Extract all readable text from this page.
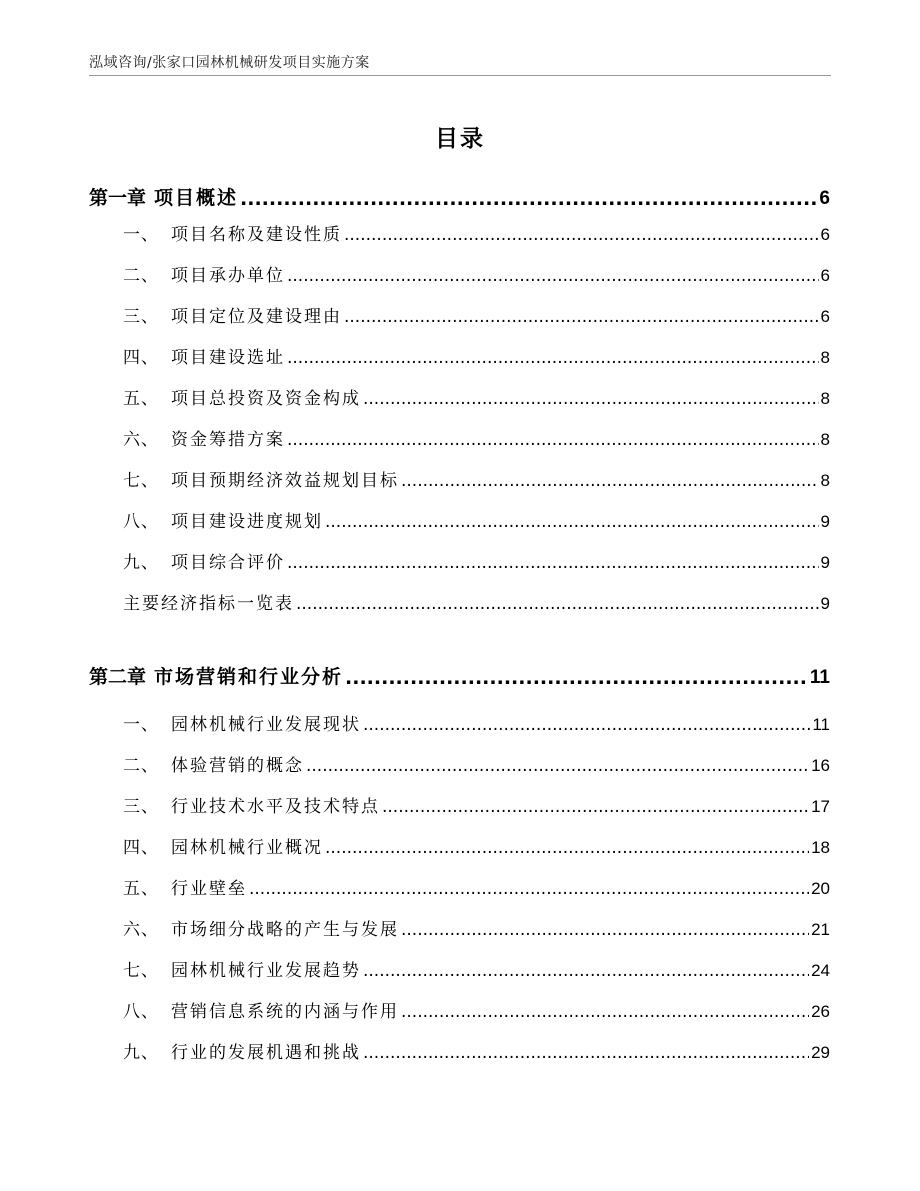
泓域咨询/张家口园林机械研发项目实施方案
目录
第一章 项目概述 .....	6
一、 项目名称及建设性质 .....	6
二、 项目承办单位 .....	6
三、 项目定位及建设理由 .....	6
四、 项目建设选址 .....	8
五、 项目总投资及资金构成 .....	8
六、 资金筹措方案 .....	8
七、 项目预期经济效益规划目标 .....	8
八、 项目建设进度规划 .....	9
九、 项目综合评价 .....	9
主要经济指标一览表 .....	9
第二章 市场营销和行业分析 .....	11
一、 园林机械行业发展现状 .....	11
二、 体验营销的概念 .....	16
三、 行业技术水平及技术特点 .....	17
四、 园林机械行业概况 .....	18
五、 行业壁垒 .....	20
六、 市场细分战略的产生与发展 .....	21
七、 园林机械行业发展趋势 .....	24
八、 营销信息系统的内涵与作用 .....	26
九、 行业的发展机遇和挑战 .....	29
